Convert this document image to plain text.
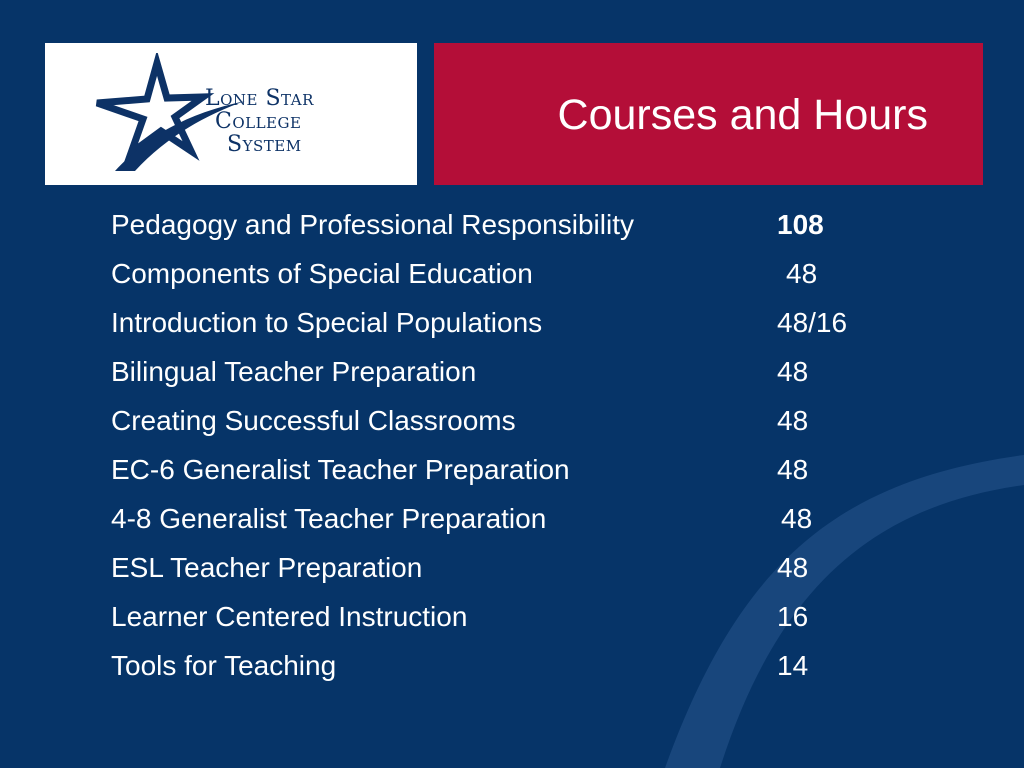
Lone Star
College
System
Courses and Hours
Pedagogy and Professional Responsibility	108
Components of Special Education	48
Introduction to Special Populations	48/16
Bilingual Teacher Preparation	48
Creating Successful Classrooms	48
EC-6 Generalist Teacher Preparation	48
4-8 Generalist Teacher Preparation	48
ESL Teacher Preparation	48
Learner Centered Instruction	16
Tools for Teaching	14
